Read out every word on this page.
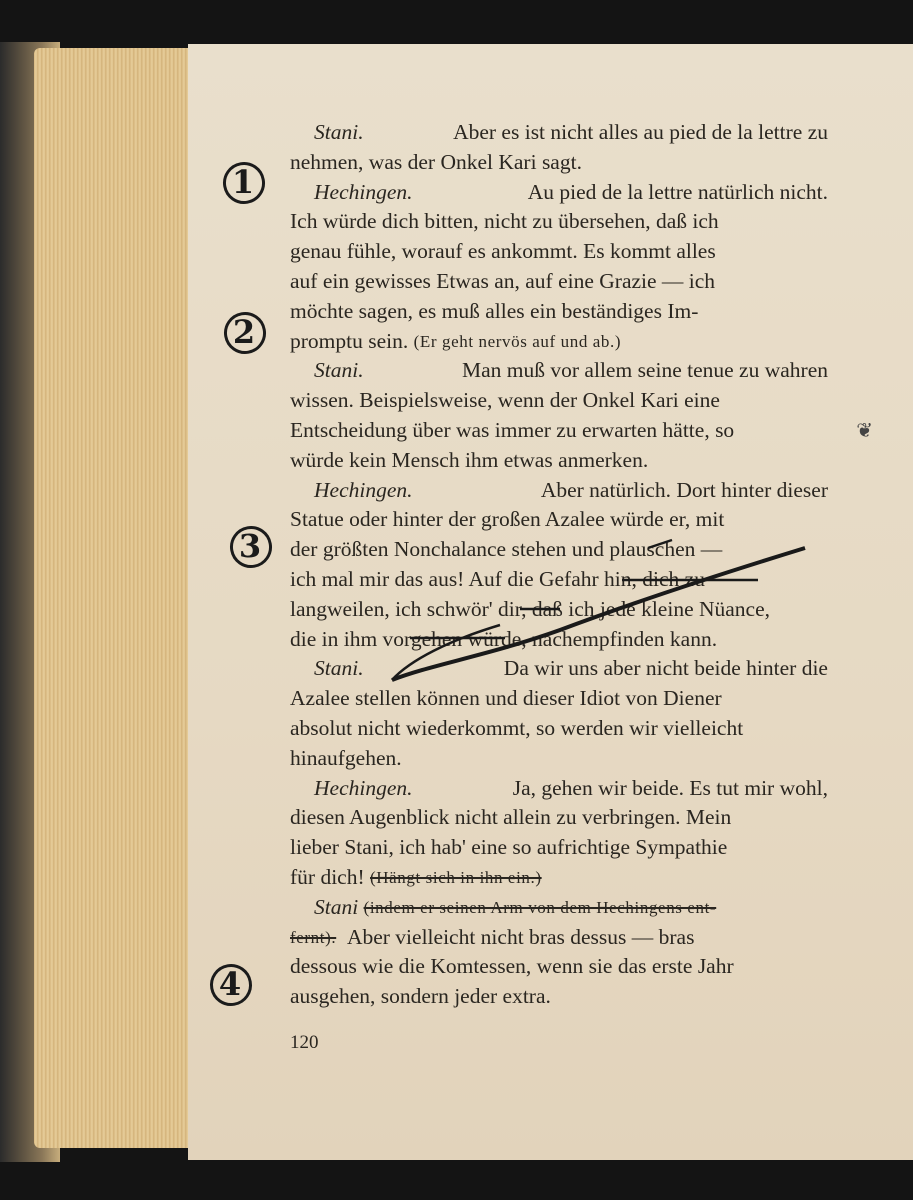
1
2
3
4
❦
Stani.
	Aber es ist nicht alles au pied de la lettre zu
nehmen, was der Onkel Kari sagt.
Hechingen.
	Au pied de la lettre natürlich nicht.
Ich würde dich bitten, nicht zu übersehen, daß ich
genau fühle, worauf es ankommt. Es kommt alles
auf ein gewisses Etwas an, auf eine Grazie — ich
möchte sagen, es muß alles ein beständiges Im-
promptu sein.
(Er geht nervös auf und ab.)
Stani.
	Man muß vor allem seine tenue zu wahren
wissen. Beispielsweise, wenn der Onkel Kari eine
Entscheidung über was immer zu erwarten hätte, so
würde kein Mensch ihm etwas anmerken.
Hechingen.
	Aber natürlich. Dort hinter dieser
Statue oder hinter der großen Azalee würde er, mit
der größten Nonchalance stehen und plauschen —
ich mal mir das aus! Auf die Gefahr hin, dich zu
langweilen, ich schwör' dir, daß ich jede kleine Nüance,
die in ihm vorgehen würde, nachempfinden kann.
Stani.
	Da wir uns aber nicht beide hinter die
Azalee stellen können und dieser Idiot von Diener
absolut nicht wiederkommt, so werden wir vielleicht
hinaufgehen.
Hechingen.
	Ja, gehen wir beide. Es tut mir wohl,
diesen Augenblick nicht allein zu verbringen. Mein
lieber Stani, ich hab' eine so aufrichtige Sympathie
für dich!
(Hängt sich in ihn ein.)
Stani
(indem er seinen Arm von dem Hechingens ent-
fernt).
Aber vielleicht nicht bras dessus — bras
dessous wie die Komtessen, wenn sie das erste Jahr
ausgehen, sondern jeder extra.
120
